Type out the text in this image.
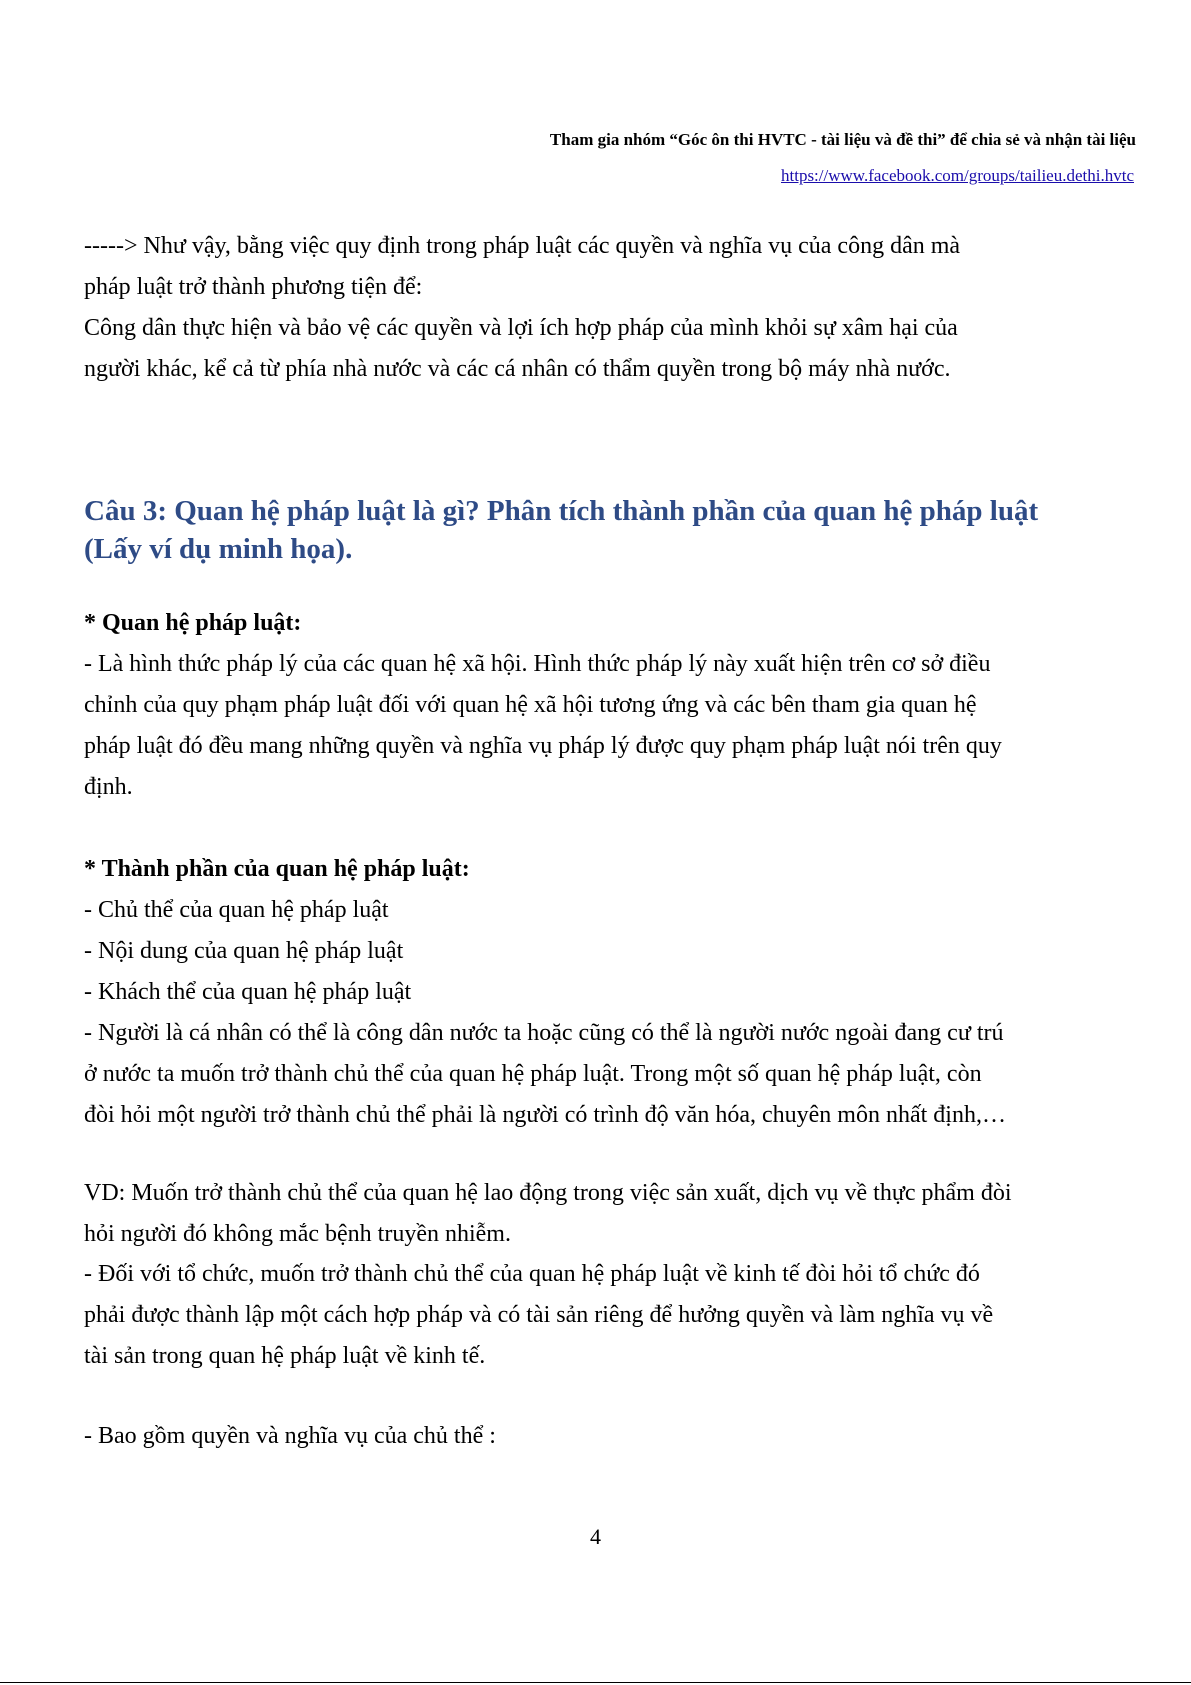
Tham gia nhóm “Góc ôn thi HVTC - tài liệu và đề thi” để chia sẻ và nhận tài liệu
https://www.facebook.com/groups/tailieu.dethi.hvtc

-----> Như vậy, bằng việc quy định trong pháp luật các quyền và nghĩa vụ của công dân mà

pháp luật trở thành phương tiện để:

Công dân thực hiện và bảo vệ các quyền và lợi ích hợp pháp của mình khỏi sự xâm hại của

người khác, kể cả từ phía nhà nước và các cá nhân có thẩm quyền trong bộ máy nhà nước.

Câu 3: Quan hệ pháp luật là gì? Phân tích thành phần của quan hệ pháp luật

(Lấy ví dụ minh họa).

* Quan hệ pháp luật:

- Là hình thức pháp lý của các quan hệ xã hội. Hình thức pháp lý này xuất hiện trên cơ sở điều

chỉnh của quy phạm pháp luật đối với quan hệ xã hội tương ứng và các bên tham gia quan hệ

pháp luật đó đều mang những quyền và nghĩa vụ pháp lý được quy phạm pháp luật nói trên quy

định.

* Thành phần của quan hệ pháp luật:

- Chủ thể của quan hệ pháp luật

- Nội dung của quan hệ pháp luật

- Khách thể của quan hệ pháp luật

- Người là cá nhân có thể là công dân nước ta hoặc cũng có thể là người nước ngoài đang cư trú

ở nước ta muốn trở thành chủ thể của quan hệ pháp luật. Trong một số quan hệ pháp luật, còn

đòi hỏi một người trở thành chủ thể phải là người có trình độ văn hóa, chuyên môn nhất định,…

VD: Muốn trở thành chủ thể của quan hệ lao động trong việc sản xuất, dịch vụ về thực phẩm đòi

hỏi người đó không mắc bệnh truyền nhiễm.

- Đối với tổ chức, muốn trở thành chủ thể của quan hệ pháp luật về kinh tế đòi hỏi tổ chức đó

phải được thành lập một cách hợp pháp và có tài sản riêng để hưởng quyền và làm nghĩa vụ về

tài sản trong quan hệ pháp luật về kinh tế.

- Bao gồm quyền và nghĩa vụ của chủ thể :

4
